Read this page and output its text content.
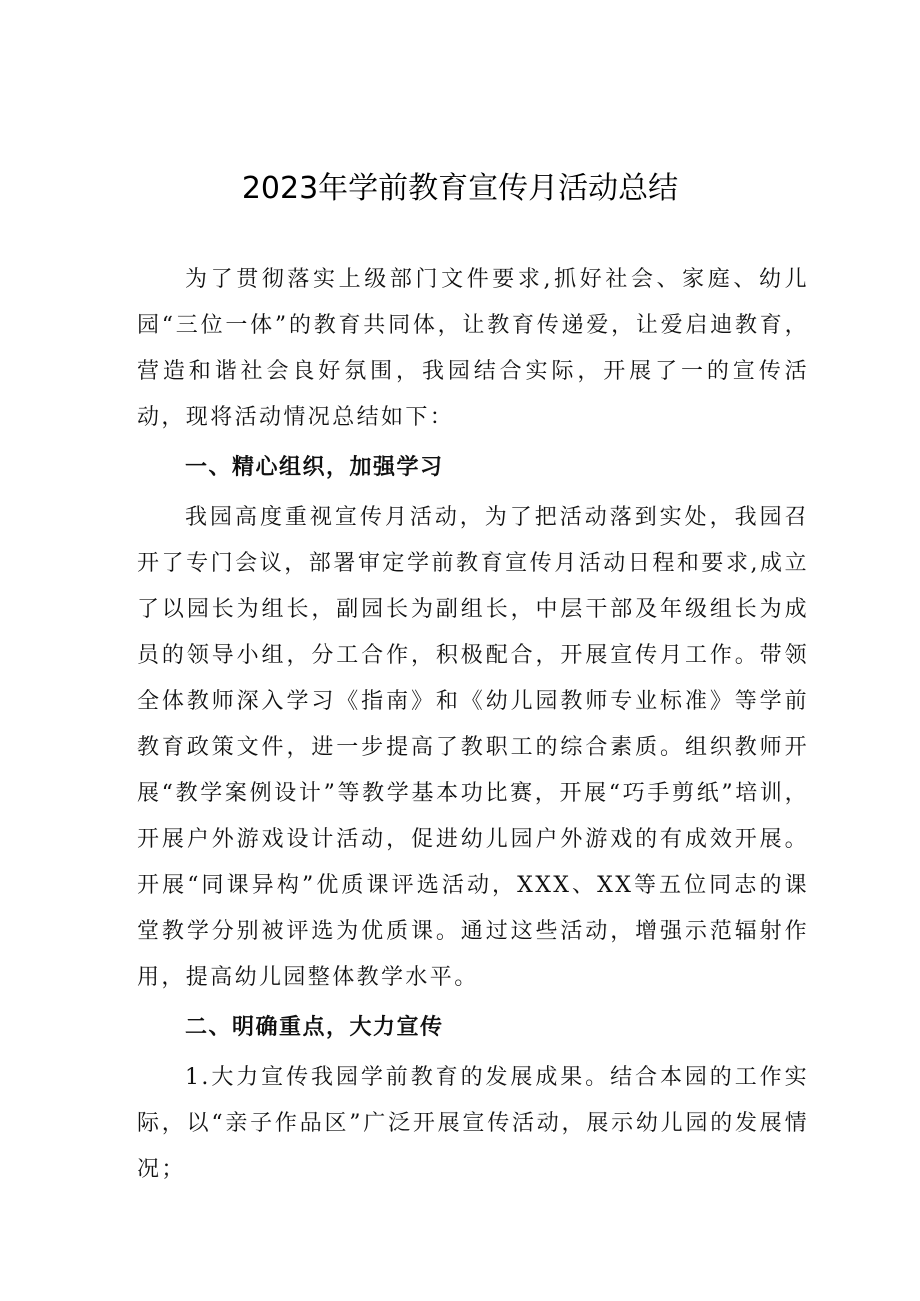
2023年学前教育宣传月活动总结

为了贯彻落实上级部门文件要求,抓好社会、家庭、幼儿园“三位一体”的教育共同体，让教育传递爱，让爱启迪教育，营造和谐社会良好氛围，我园结合实际，开展了一的宣传活动，现将活动情况总结如下：

一、精心组织，加强学习

我园高度重视宣传月活动，为了把活动落到实处，我园召开了专门会议，部署审定学前教育宣传月活动日程和要求,成立了以园长为组长，副园长为副组长，中层干部及年级组长为成员的领导小组，分工合作，积极配合，开展宣传月工作。带领全体教师深入学习《指南》和《幼儿园教师专业标准》等学前教育政策文件，进一步提高了教职工的综合素质。组织教师开展“教学案例设计”等教学基本功比赛，开展“巧手剪纸”培训，开展户外游戏设计活动，促进幼儿园户外游戏的有成效开展。开展“同课异构”优质课评选活动，XXX、XX等五位同志的课堂教学分别被评选为优质课。通过这些活动，增强示范辐射作用，提高幼儿园整体教学水平。

二、明确重点，大力宣传

1.大力宣传我园学前教育的发展成果。结合本园的工作实际，以“亲子作品区”广泛开展宣传活动，展示幼儿园的发展情况；
